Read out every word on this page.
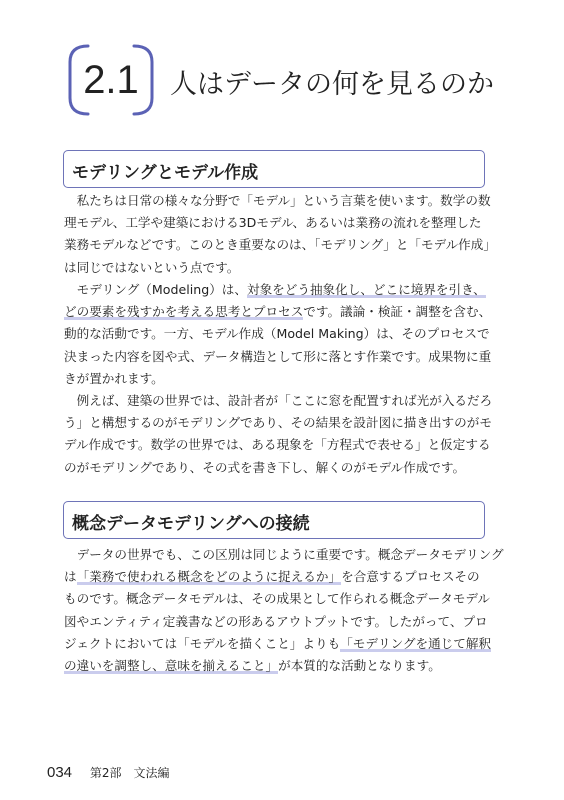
2.1	人はデータの何を見るのか
モデリングとモデル作成
　私たちは日常の様々な分野で「モデル」という言葉を使います。数学の数
理モデル、工学や建築における3Dモデル、あるいは業務の流れを整理した
業務モデルなどです。このとき重要なのは、「モデリング」と「モデル作成」
は同じではないという点です。
　モデリング（Modeling）は、対象をどう抽象化し、どこに境界を引き、
どの要素を残すかを考える思考とプロセスです。議論・検証・調整を含む、
動的な活動です。一方、モデル作成（Model Making）は、そのプロセスで
決まった内容を図や式、データ構造として形に落とす作業です。成果物に重
きが置かれます。
　例えば、建築の世界では、設計者が「ここに窓を配置すれば光が入るだろ
う」と構想するのがモデリングであり、その結果を設計図に描き出すのがモ
デル作成です。数学の世界では、ある現象を「方程式で表せる」と仮定する
のがモデリングであり、その式を書き下し、解くのがモデル作成です。
概念データモデリングへの接続
　データの世界でも、この区別は同じように重要です。概念データモデリング
は「業務で使われる概念をどのように捉えるか」を合意するプロセスその
ものです。概念データモデルは、その成果として作られる概念データモデル
図やエンティティ定義書などの形あるアウトプットです。したがって、プロ
ジェクトにおいては「モデルを描くこと」よりも「モデリングを通じて解釈
の違いを調整し、意味を揃えること」が本質的な活動となります。
034 第2部　文法編
